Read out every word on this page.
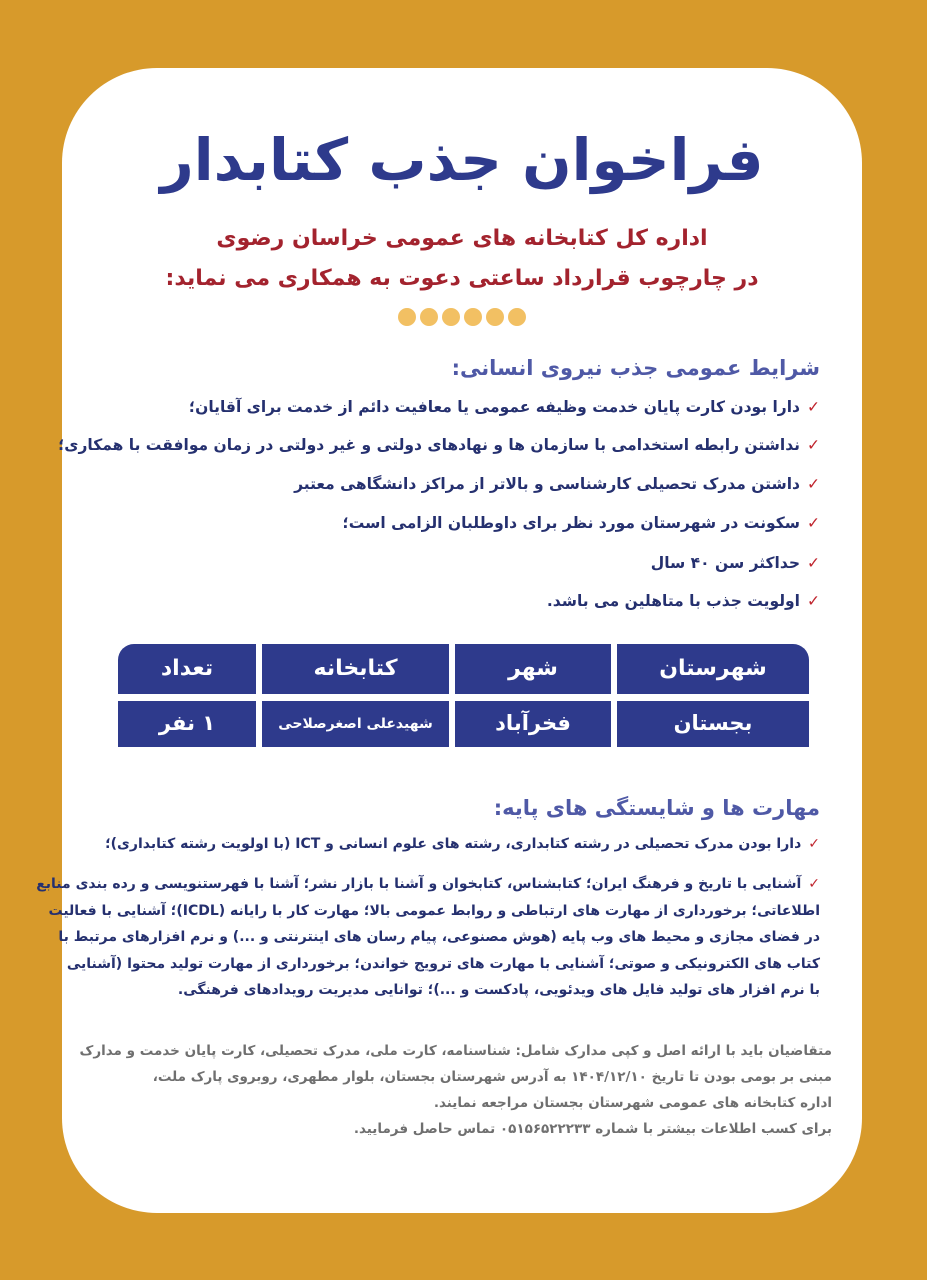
فراخوان جذب کتابدار
اداره کل کتابخانه های عمومی خراسان رضوی
در چارچوب قرارداد ساعتی دعوت به همکاری می نماید:
شرایط عمومی جذب نیروی انسانی:
✓دارا بودن کارت پایان خدمت وظیفه عمومی یا معافیت دائم از خدمت برای آقایان؛
✓نداشتن رابطه استخدامی با سازمان ها و نهادهای دولتی و غیر دولتی در زمان موافقت با همکاری؛
✓داشتن مدرک تحصیلی کارشناسی و بالاتر از مراکز دانشگاهی معتبر
✓سکونت در شهرستان مورد نظر برای داوطلبان الزامی است؛
✓حداکثر سن ۴۰ سال
✓اولویت جذب با متاهلین می باشد.
تعداد	کتابخانه	شهر	شهرستان
۱ نفر	شهیدعلی اصغرصلاحی	فخرآباد	بجستان
مهارت ها و شایستگی های پایه:
✓دارا بودن مدرک تحصیلی در رشته کتابداری، رشته های علوم انسانی و ICT (با اولویت رشته کتابداری)؛
✓آشنایی با تاریخ و فرهنگ ایران؛ کتابشناس، کتابخوان و آشنا با بازار نشر؛ آشنا با فهرستنویسی و رده بندی منابع
اطلاعاتی؛ برخورداری از مهارت های ارتباطی و روابط عمومی بالا؛ مهارت کار با رایانه (ICDL)؛ آشنایی با فعالیت
در فضای مجازی و محیط های وب پایه (هوش مصنوعی، پیام رسان های اینترنتی و ...) و نرم افزارهای مرتبط با
کتاب های الکترونیکی و صوتی؛ آشنایی با مهارت های ترویج خواندن؛ برخورداری از مهارت تولید محتوا (آشنایی
با نرم افزار های تولید فایل های ویدئویی، پادکست و ...)؛ توانایی مدیریت رویدادهای فرهنگی.
متقاضیان باید با ارائه اصل و کپی مدارک شامل: شناسنامه، کارت ملی، مدرک تحصیلی، کارت پایان خدمت و مدارک
مبنی بر بومی بودن تا تاریخ ۱۴۰۴/۱۲/۱۰ به آدرس شهرستان بجستان، بلوار مطهری، روبروی پارک ملت،
اداره کتابخانه های عمومی شهرستان بجستان مراجعه نمایند.
برای کسب اطلاعات بیشتر با شماره ۰۵۱۵۶۵۲۲۲۳۳ تماس حاصل فرمایید.
